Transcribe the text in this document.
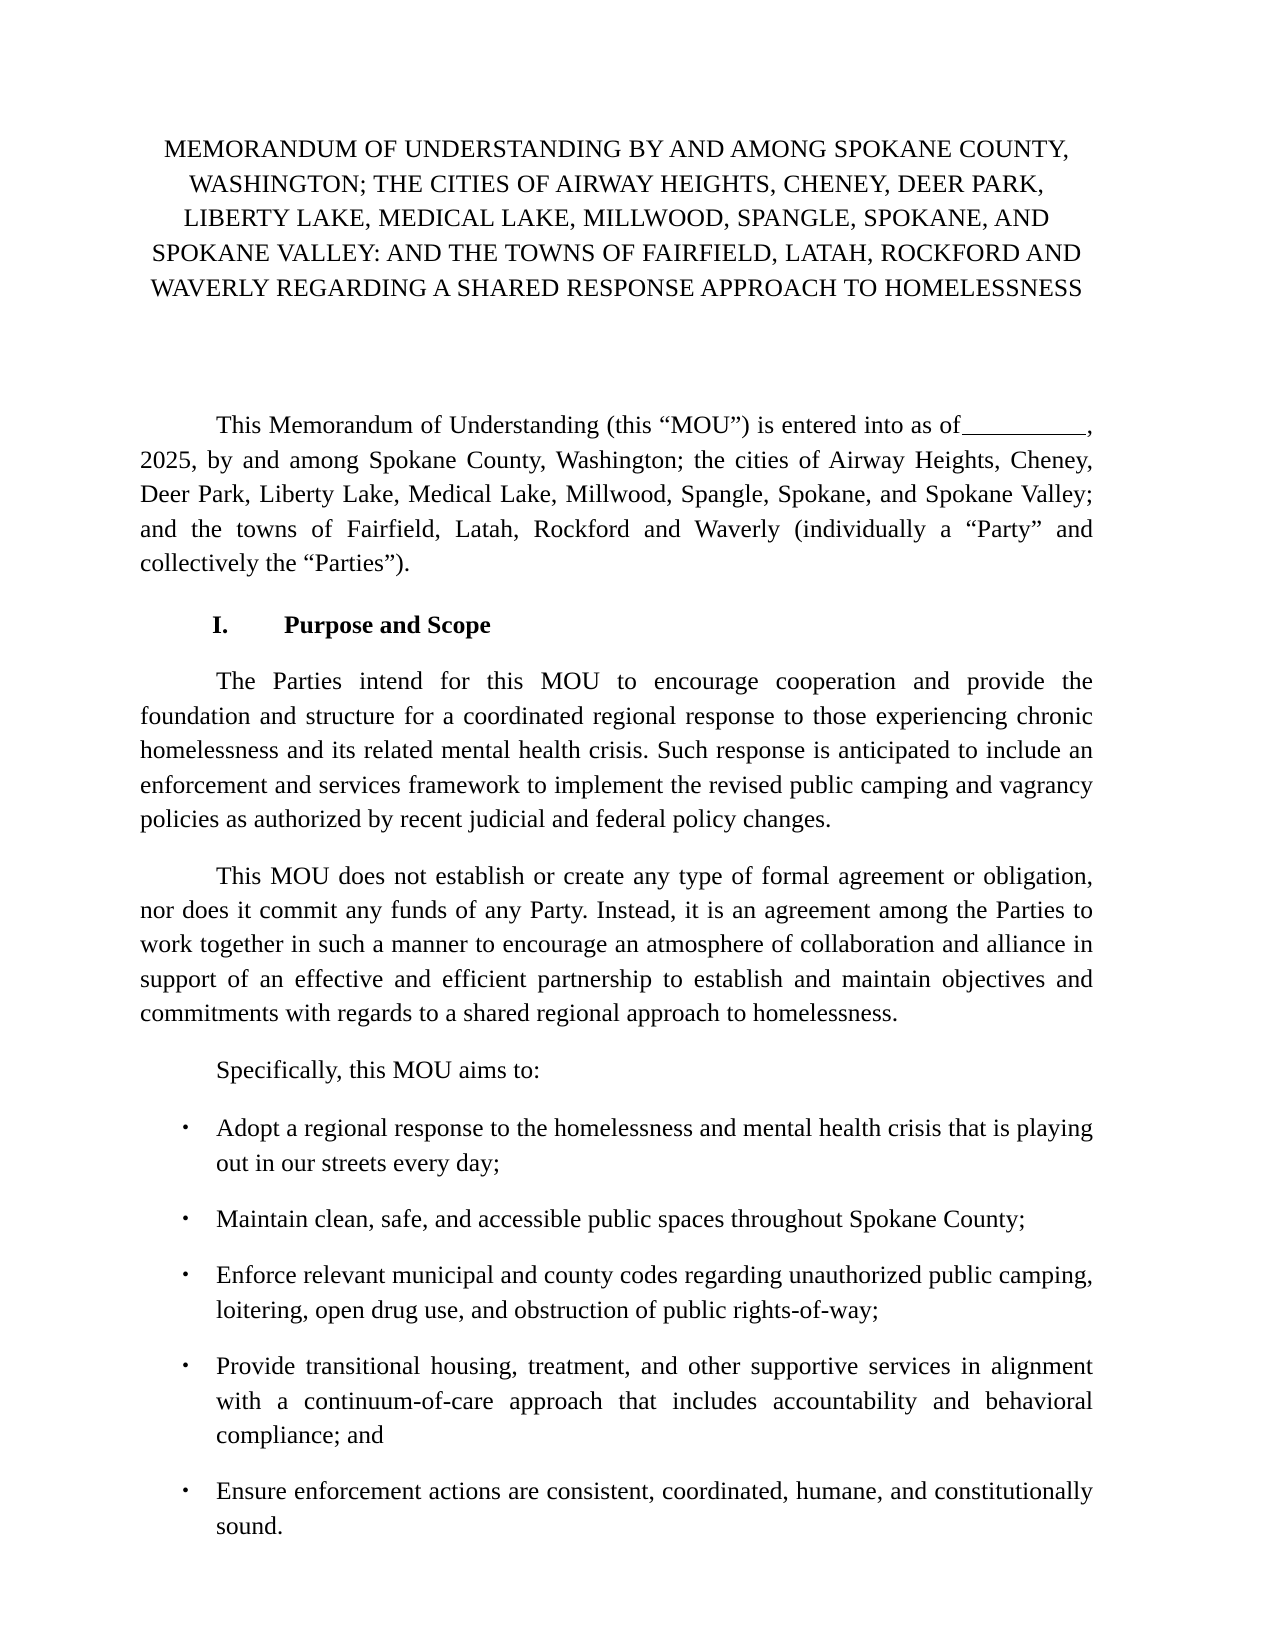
MEMORANDUM OF UNDERSTANDING BY AND AMONG SPOKANE COUNTY, WASHINGTON; THE CITIES OF AIRWAY HEIGHTS, CHENEY, DEER PARK, LIBERTY LAKE, MEDICAL LAKE, MILLWOOD, SPANGLE, SPOKANE, AND SPOKANE VALLEY: AND THE TOWNS OF FAIRFIELD, LATAH, ROCKFORD AND WAVERLY REGARDING A SHARED RESPONSE APPROACH TO HOMELESSNESS

This Memorandum of Understanding (this “MOU”) is entered into as of	, 2025, by and among Spokane County, Washington; the cities of Airway Heights, Cheney, Deer Park, Liberty Lake, Medical Lake, Millwood, Spangle, Spokane, and Spokane Valley; and the towns of Fairfield, Latah, Rockford and Waverly (individually a “Party” and collectively the “Parties”).

I.	Purpose and Scope

The Parties intend for this MOU to encourage cooperation and provide the foundation and structure for a coordinated regional response to those experiencing chronic homelessness and its related mental health crisis. Such response is anticipated to include an enforcement and services framework to implement the revised public camping and vagrancy policies as authorized by recent judicial and federal policy changes.

This MOU does not establish or create any type of formal agreement or obligation, nor does it commit any funds of any Party. Instead, it is an agreement among the Parties to work together in such a manner to encourage an atmosphere of collaboration and alliance in support of an effective and efficient partnership to establish and maintain objectives and commitments with regards to a shared regional approach to homelessness.

Specifically, this MOU aims to:

• Adopt a regional response to the homelessness and mental health crisis that is playing out in our streets every day;
• Maintain clean, safe, and accessible public spaces throughout Spokane County;
• Enforce relevant municipal and county codes regarding unauthorized public camping, loitering, open drug use, and obstruction of public rights-of-way;
• Provide transitional housing, treatment, and other supportive services in alignment with a continuum-of-care approach that includes accountability and behavioral compliance; and
• Ensure enforcement actions are consistent, coordinated, humane, and constitutionally sound.
